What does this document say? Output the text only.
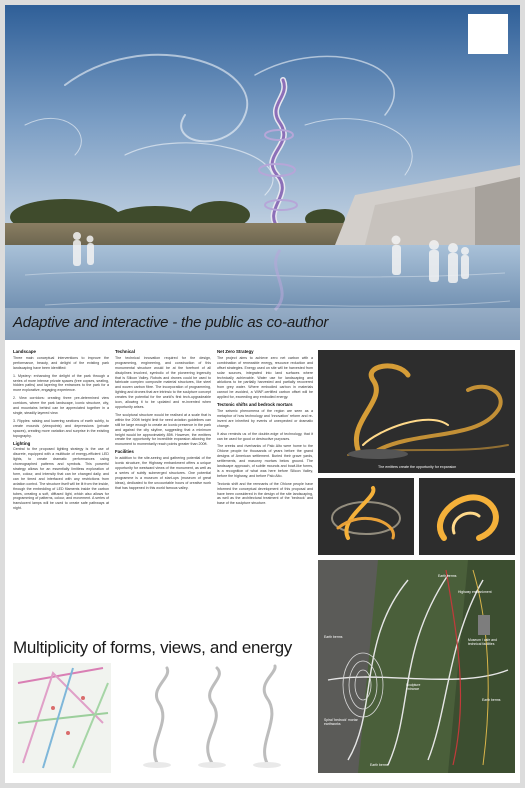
Adaptive and interactive - the public as co-author
Landscape

Three main conceptual interventions to improve the performance, beauty, and delight of the existing park landscaping have been identified:

1. Mystery: enhancing the delight of the park through a series of more intense private spaces (tree copses, seating, hidden paths) and layering the entrances to the park for a more explorative, engaging experience.

2. View corridors: creating three pre-determined view corridors, where the park landscape, iconic structure, city, and mountains behind can be appreciated together in a single, steadily layered view.

3. Ripples: raising and lowering sections of earth subtly, to create mounds (viewpoints) and depressions (private spaces), creating more variation and surprise in the existing topography.

Lighting

Central to the proposed lighting strategy is the use of discrete, equipped with a multitude of energy-efficient LED lights, to create dramatic performances using choreographed patterns and symbols. This powerful strategy allows for an essentially limitless exploration of form, colour, and intensity that can be changed daily, and can be timed and interfaced with any restrictions from aviation control. The structure itself will be lit from the inside, through the embedding of LED filaments inside the carbon tubes, creating a soft, diffused light, which also allows for programming of patterns, colour, and movement. A series of translucent lamps will be used to create safe pathways at night.

Technical

The technical innovation required for the design, programming, engineering, and construction of this monumental structure would be at the forefront of all disciplines involved, symbolic of the pioneering ingenuity that is Silicon Valley. Robots and drones could be used to fabricate complex composite material structures, like steel and woven carbon fibre. The incorporation of programming, lighting and drones that are intrinsic to the sculpture concept creates the potential for the world's first tech-upgradeable icon, allowing it to be updated and re-invented when opportunity arises.

The sculptural structure would be realised at a scale that is within the 200ft height limit for need aviation guidelines can still be large enough to create an iconic presence in the park and against the city skyline, suggesting that a minimum height would be approximately 85ft. However, the emitters create the opportunity for incredible expansion allowing the monument to momentarily reach points greater than 200ft.

Facilities

In addition to the site-seeing and gathering potential of the iconic structure, the Highway embankment offers a unique opportunity for westward views of the monument, as well as a series of subtly submerged structures. One potential programme is a museum of start-ups (museum of great ideas), dedicated to the uncountable hours of creative work that has happened in this world famous valley.

Net Zero Strategy

The project aims to achieve zero net carbon with a combination of renewable energy, resource reduction and offset strategies. Energy used on site will be harvested from solar sources, integrated into land surfaces where technically achievable. Water use for landscaping and ablutions to be partially harvested and partially recovered from grey water. Where embodied carbon in materials cannot be avoided, a WWF-certified carbon offset will be applied for, exceeding any embodied energy.

Tectonic shifts and bedrock mortars

The seismic phenomena of the region are seen as a metaphor of how technology and 'innovation' reform and re-invent are inherited by events of unexpected or dramatic change.

It also reminds us of the double-edge of technology, that it can be used for good or destructive purposes.

The creeks and riverbanks of Palo Alto were home to the Ohlone people for thousands of years before the grand designs of American settlement. Buried their grave yards, settlements, and masonry mortars below ground. The landscape approach, of subtle mounds and bowl-like forms, is a recognition of what was here before Silicon Valley, before the highway, and before Palo Alto.

Tectonic shift and the remnants of the Ohlone people have informed the conceptual development of this proposal and have been considered in the design of the site landscaping, as well as the architectural treatment of the 'bedrock' and base of the sculpture structure.

The emitters create the opportunity for expansion
Multiplicity of forms, views, and energy
Earth berms
Highway embankment
Earth berms
Museum / cafe and technical facilities
Sculpture entrance
Earth berms
Spiral 'bedrock' mortar earthworks
Earth berms
